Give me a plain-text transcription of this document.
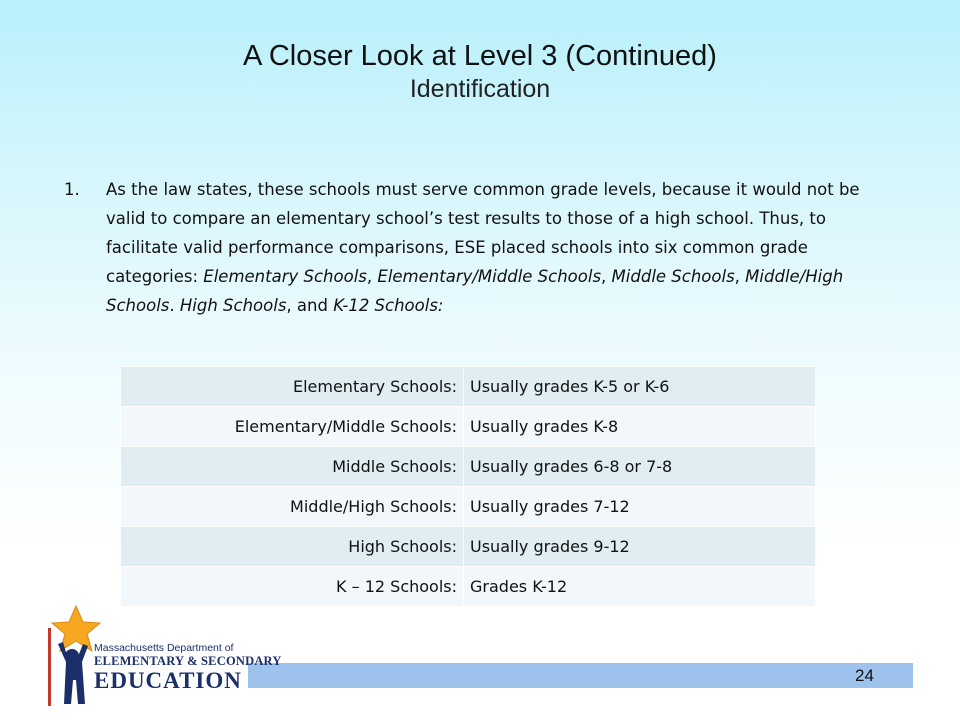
A Closer Look at Level 3 (Continued)
Identification
1. As the law states, these schools must serve common grade levels, because it would not be valid to compare an elementary school’s test results to those of a high school. Thus, to facilitate valid performance comparisons, ESE placed schools into six common grade categories: Elementary Schools, Elementary/Middle Schools, Middle Schools, Middle/High Schools. High Schools, and K-12 Schools:
Elementary Schools:	Usually grades K-5 or K-6
Elementary/Middle Schools:	Usually grades K-8
Middle Schools:	Usually grades 6-8 or 7-8
Middle/High Schools:	Usually grades 7-12
High Schools:	Usually grades 9-12
K – 12 Schools:	Grades K-12
24
Massachusetts Department of
ELEMENTARY & SECONDARY
EDUCATION
